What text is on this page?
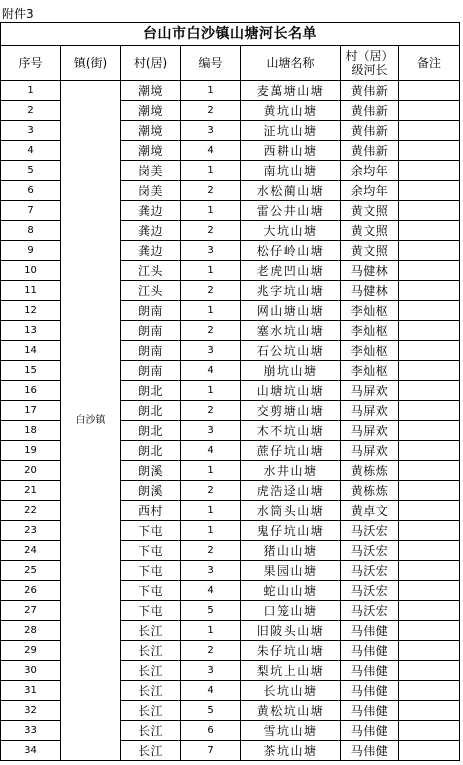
附件3
台山市白沙镇山塘河长名单						
序号	镇(街)	村(居)	编号	山塘名称	村（居）级河长	备注
1	白沙镇	潮境	1	麦萬塘山塘	黄伟新	
2		潮境	2	黄坑山塘	黄伟新	
3		潮境	3	泟坑山塘	黄伟新	
4		潮境	4	西耕山塘	黄伟新	
5		岗美	1	南坑山塘	余均年	
6		岗美	2	水松蔺山塘	余均年	
7		龚边	1	雷公井山塘	黄文照	
8		龚边	2	大坑山塘	黄文照	
9		龚边	3	松仔岭山塘	黄文照	
10		江头	1	老虎凹山塘	马健林	
11		江头	2	兆字坑山塘	马健林	
12		朗南	1	网山塘山塘	李灿枢	
13		朗南	2	塞水坑山塘	李灿枢	
14		朗南	3	石公坑山塘	李灿枢	
15		朗南	4	崩坑山塘	李灿枢	
16		朗北	1	山塘坑山塘	马屏欢	
17		朗北	2	交剪塘山塘	马屏欢	
18		朗北	3	木不坑山塘	马屏欢	
19		朗北	4	蔗仔坑山塘	马屏欢	
20		朗溪	1	水井山塘	黄栋炼	
21		朗溪	2	虎浩迳山塘	黄栋炼	
22		西村	1	水筒头山塘	黄卓文	
23		下屯	1	鬼仔坑山塘	马沃宏	
24		下屯	2	猪山山塘	马沃宏	
25		下屯	3	果园山塘	马沃宏	
26		下屯	4	蛇山山塘	马沃宏	
27		下屯	5	口笼山塘	马沃宏	
28		长江	1	旧陂头山塘	马伟健	
29		长江	2	朱仔坑山塘	马伟健	
30		长江	3	梨坑上山塘	马伟健	
31		长江	4	长坑山塘	马伟健	
32		长江	5	黄松坑山塘	马伟健	
33		长江	6	雪坑山塘	马伟健	
34		长江	7	茶坑山塘	马伟健	
